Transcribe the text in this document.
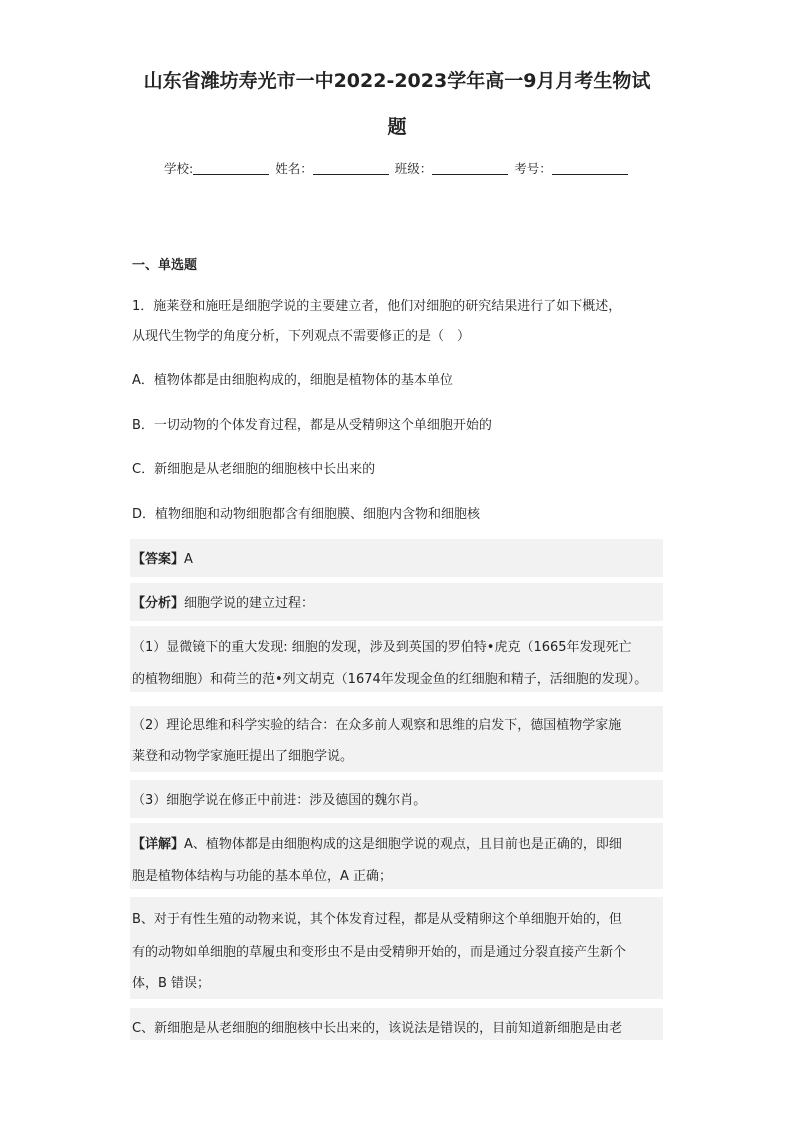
山东省潍坊寿光市一中2022-2023学年高一9月月考生物试
题
学校:	姓名：	班级：	考号：
一、单选题
1．施莱登和施旺是细胞学说的主要建立者，他们对细胞的研究结果进行了如下概述，
从现代生物学的角度分析，下列观点不需要修正的是（　）
A．植物体都是由细胞构成的，细胞是植物体的基本单位
B．一切动物的个体发育过程，都是从受精卵这个单细胞开始的
C．新细胞是从老细胞的细胞核中长出来的
D．植物细胞和动物细胞都含有细胞膜、细胞内含物和细胞核
【答案】A
【分析】细胞学说的建立过程：
（1）显微镜下的重大发现: 细胞的发现，涉及到英国的罗伯特•虎克（1665年发现死亡
的植物细胞）和荷兰的范•列文胡克（1674年发现金鱼的红细胞和精子，活细胞的发现）。
（2）理论思维和科学实验的结合：在众多前人观察和思维的启发下，德国植物学家施
莱登和动物学家施旺提出了细胞学说。
（3）细胞学说在修正中前进：涉及德国的魏尔肖。
【详解】A、植物体都是由细胞构成的这是细胞学说的观点，且目前也是正确的，即细
胞是植物体结构与功能的基本单位，A 正确；
B、对于有性生殖的动物来说，其个体发育过程，都是从受精卵这个单细胞开始的，但
有的动物如单细胞的草履虫和变形虫不是由受精卵开始的，而是通过分裂直接产生新个
体，B 错误；
C、新细胞是从老细胞的细胞核中长出来的，该说法是错误的，目前知道新细胞是由老
